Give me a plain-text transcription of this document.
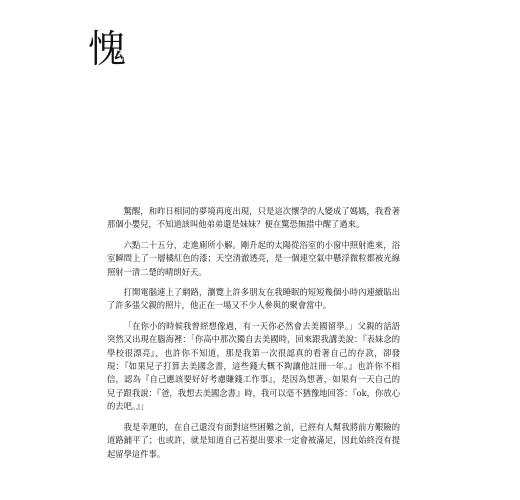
愧

驚醒，和昨日相同的夢境再度出現，只是這次懷孕的人變成了媽媽，我看著那個小嬰兒，不知道該叫他弟弟還是妹妹？便在驚恐無措中醒了過來。

六點二十五分，走進廁所小解。剛升起的太陽從浴室的小窗中照射進來，浴室瞬間上了一層橘紅色的漆；天空清澈透亮，是一個連空氣中懸浮微粒都被光線照射一清二楚的晴朗好天。

打開電腦連上了網路，瀏覽上許多朋友在我睡眠的短短幾個小時內連續貼出了許多張父親的照片，他正在一場又不少人參與的聚會當中。

「在你小的時候我曾經想像過，有一天你必然會去美國留學。」父親的話語突然又出現在腦海裡：「你高中那次獨自去美國時，回來跟我講美說：『表妹念的學校很漂亮』，也許你不知道，那是我第一次很認真的看著自己的存款，卻發現：『如果兒子打算去美國念書，這些錢大概不夠讓他註冊一年。』也許你不相信，認為『自己應該要好好考慮賺錢工作事』，是因為想著，如果有一天自己的兒子跟我說：『爸，我想去美國念書』時，我可以毫不猶豫地回答：『ok，你放心的去吧。』」

我是幸運的，在自己還沒有面對這些困難之前，已經有人幫我將前方艱險的道路鋪平了；也或許，就是知道自己若提出要求一定會被滿足，因此始終沒有提起留學這件事。
